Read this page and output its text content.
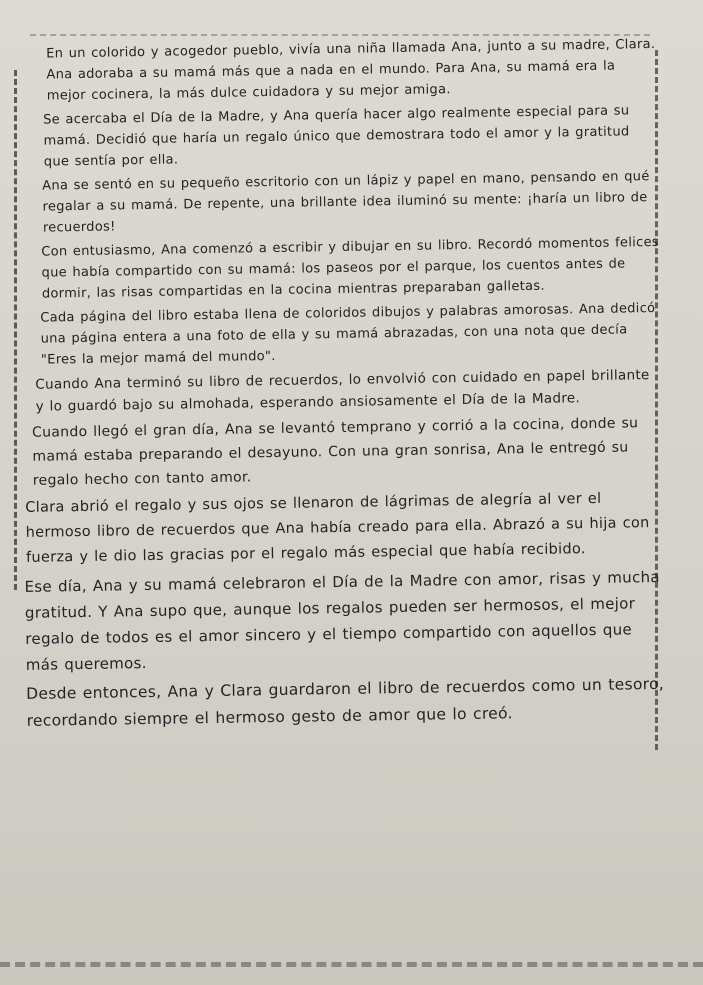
En un colorido y acogedor pueblo, vivía una niña llamada Ana, junto a su madre, Clara. Ana adoraba a su mamá más que a nada en el mundo. Para Ana, su mamá era la mejor cocinera, la más dulce cuidadora y su mejor amiga.

Se acercaba el Día de la Madre, y Ana quería hacer algo realmente especial para su mamá. Decidió que haría un regalo único que demostrara todo el amor y la gratitud que sentía por ella.

Ana se sentó en su pequeño escritorio con un lápiz y papel en mano, pensando en qué regalar a su mamá. De repente, una brillante idea iluminó su mente: ¡haría un libro de recuerdos!

Con entusiasmo, Ana comenzó a escribir y dibujar en su libro. Recordó momentos felices que había compartido con su mamá: los paseos por el parque, los cuentos antes de dormir, las risas compartidas en la cocina mientras preparaban galletas.

Cada página del libro estaba llena de coloridos dibujos y palabras amorosas. Ana dedicó una página entera a una foto de ella y su mamá abrazadas, con una nota que decía "Eres la mejor mamá del mundo".

Cuando Ana terminó su libro de recuerdos, lo envolvió con cuidado en papel brillante y lo guardó bajo su almohada, esperando ansiosamente el Día de la Madre.

Cuando llegó el gran día, Ana se levantó temprano y corrió a la cocina, donde su mamá estaba preparando el desayuno. Con una gran sonrisa, Ana le entregó su regalo hecho con tanto amor.

Clara abrió el regalo y sus ojos se llenaron de lágrimas de alegría al ver el hermoso libro de recuerdos que Ana había creado para ella. Abrazó a su hija con fuerza y le dio las gracias por el regalo más especial que había recibido.

Ese día, Ana y su mamá celebraron el Día de la Madre con amor, risas y mucha gratitud. Y Ana supo que, aunque los regalos pueden ser hermosos, el mejor regalo de todos es el amor sincero y el tiempo compartido con aquellos que más queremos.

Desde entonces, Ana y Clara guardaron el libro de recuerdos como un tesoro, recordando siempre el hermoso gesto de amor que lo creó.
